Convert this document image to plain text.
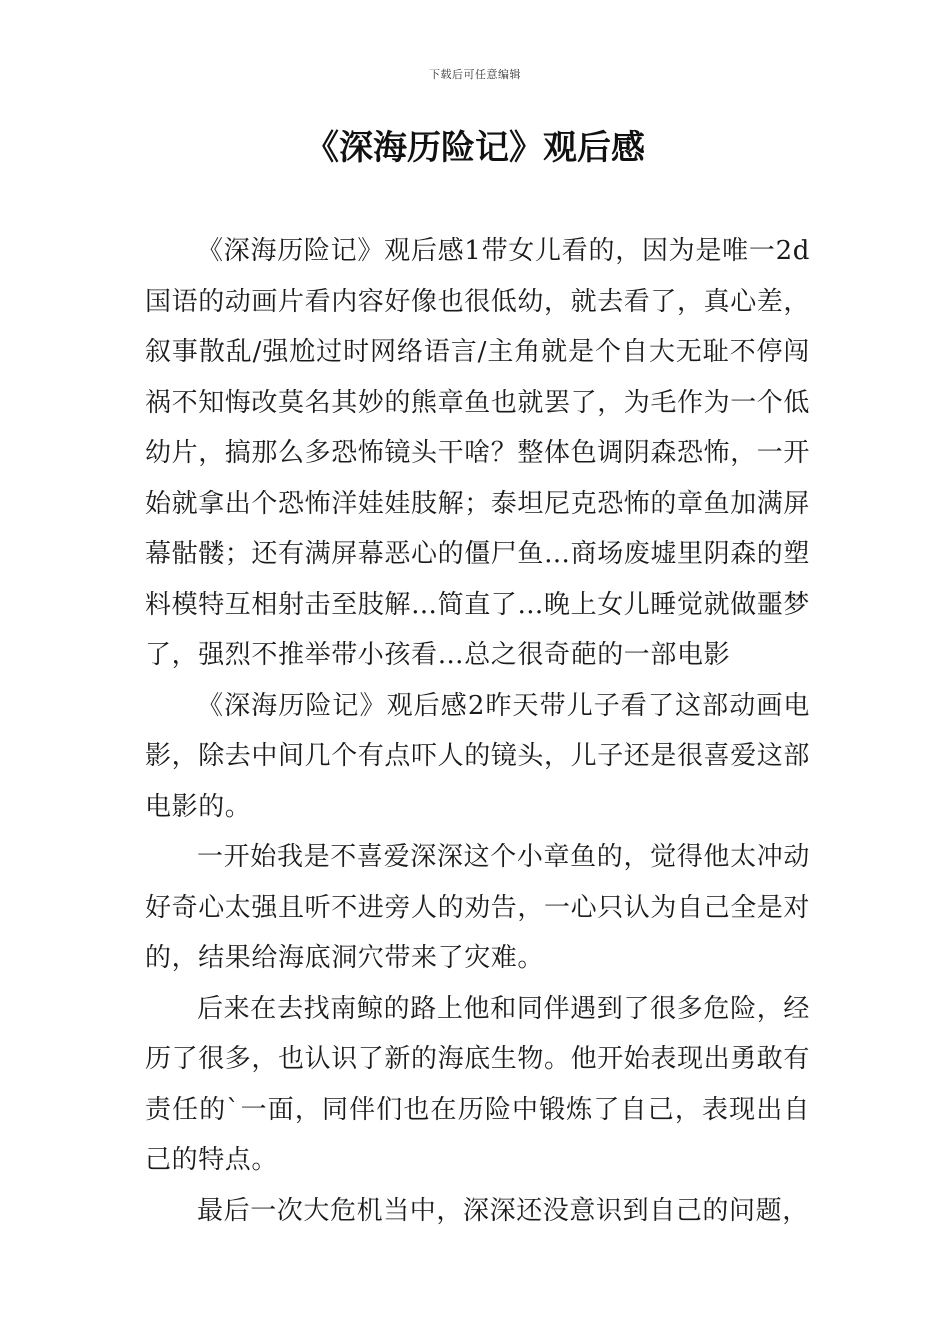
下载后可任意编辑
《深海历险记》观后感

《深海历险记》观后感1带女儿看的，因为是唯一2d国语的动画片看内容好像也很低幼，就去看了，真心差，叙事散乱/强尬过时网络语言/主角就是个自大无耻不停闯祸不知悔改莫名其妙的熊章鱼也就罢了，为毛作为一个低幼片，搞那么多恐怖镜头干啥？整体色调阴森恐怖，一开始就拿出个恐怖洋娃娃肢解；泰坦尼克恐怖的章鱼加满屏幕骷髅；还有满屏幕恶心的僵尸鱼…商场废墟里阴森的塑料模特互相射击至肢解…简直了…晚上女儿睡觉就做噩梦了，强烈不推举带小孩看…总之很奇葩的一部电影

《深海历险记》观后感2昨天带儿子看了这部动画电影，除去中间几个有点吓人的镜头，儿子还是很喜爱这部电影的。

一开始我是不喜爱深深这个小章鱼的，觉得他太冲动好奇心太强且听不进旁人的劝告，一心只认为自己全是对的，结果给海底洞穴带来了灾难。

后来在去找南鲸的路上他和同伴遇到了很多危险，经历了很多，也认识了新的海底生物。他开始表现出勇敢有责任的`一面，同伴们也在历险中锻炼了自己，表现出自己的特点。

最后一次大危机当中，深深还没意识到自己的问题，
